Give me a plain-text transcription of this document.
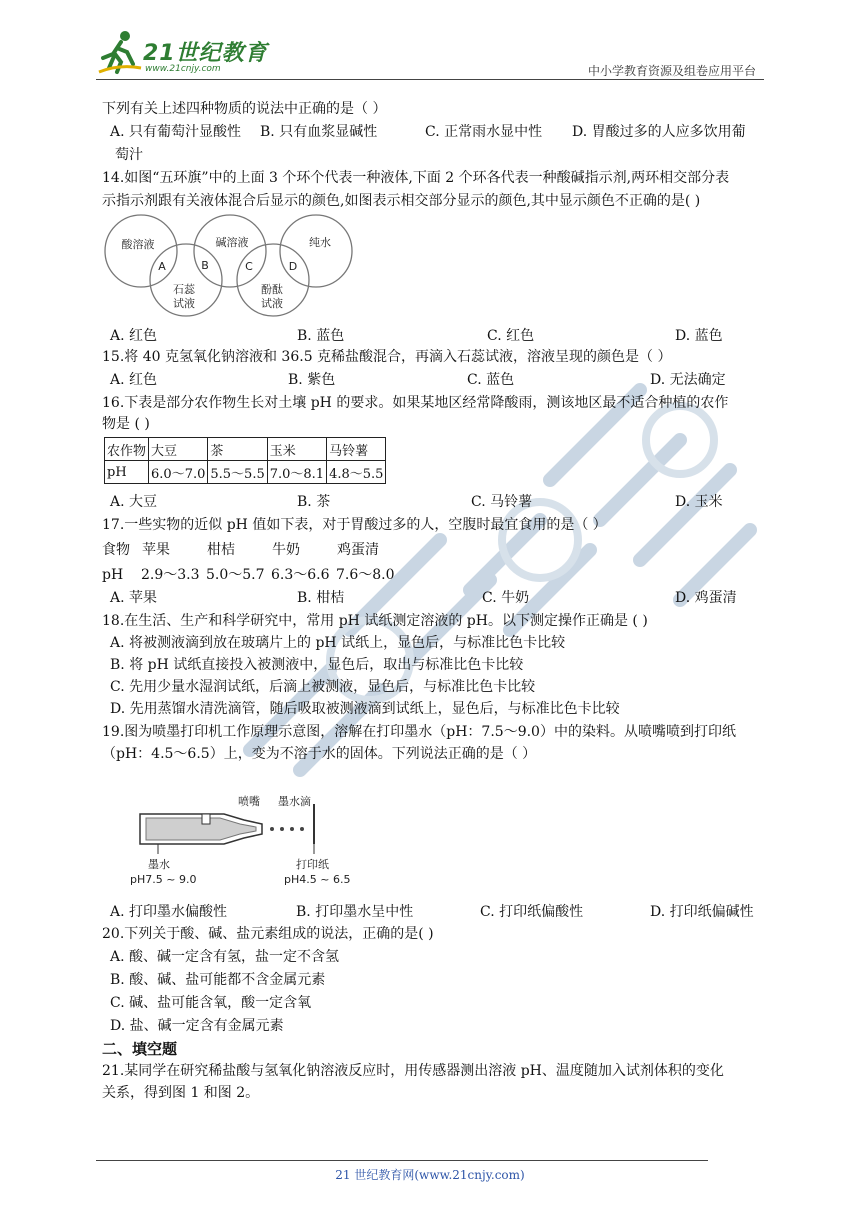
21世纪教育
www.21cnjy.com	中小学教育资源及组卷应用平台
下列有关上述四种物质的说法中正确的是（ ）
A. 只有葡萄汁显酸性 B. 只有血浆显碱性	C. 正常雨水显中性 D. 胃酸过多的人应多饮用葡
萄汁
14.如图“五环旗”中的上面 3 个环个代表一种液体,下面 2 个环各代表一种酸碱指示剂,两环相交部分表
示指示剂跟有关液体混合后显示的颜色,如图表示相交部分显示的颜色,其中显示颜色不正确的是( )
酸溶液	碱溶液	纯水
石蕊
试液
酚酞
试液
A	B	C	D
A. 红色	B. 蓝色	C. 红色	D. 蓝色
15.将 40 克氢氧化钠溶液和 36.5 克稀盐酸混合，再滴入石蕊试液，溶液呈现的颜色是（ ）
A. 红色	B. 紫色	C. 蓝色	D. 无法确定
16.下表是部分农作物生长对土壤 pH 的要求。如果某地区经常降酸雨，测该地区最不适合种植的农作
物是 ( )
农作物	大豆	茶	玉米	马铃薯
pH	6.0～7.0	5.5～5.5	7.0～8.1	4.8～5.5
A. 大豆	B. 茶	C. 马铃薯	D. 玉米
17.一些实物的近似 pH 值如下表，对于胃酸过多的人，空腹时最宜食用的是（ ）
食物 苹果	柑桔	牛奶	鸡蛋清
pH 2.9～3.3 5.0～5.7 6.3～6.6 7.6～8.0
A. 苹果	B. 柑桔	C. 牛奶	D. 鸡蛋清
18.在生活、生产和科学研究中，常用 pH 试纸测定溶液的 pH。以下测定操作正确是 ( )
A. 将被测液滴到放在玻璃片上的 pH 试纸上，显色后，与标准比色卡比较
B. 将 pH 试纸直接投入被测液中，显色后，取出与标准比色卡比较
C. 先用少量水湿润试纸，后滴上被测液，显色后，与标准比色卡比较
D. 先用蒸馏水清洗滴管，随后吸取被测液滴到试纸上，显色后，与标准比色卡比较
19.图为喷墨打印机工作原理示意图，溶解在打印墨水（pH：7.5～9.0）中的染料。从喷嘴喷到打印纸
（pH：4.5～6.5）上，变为不溶于水的固体。下列说法正确的是（ ）
喷嘴 墨水滴
墨水
pH7.5 ~ 9.0
打印纸
pH4.5 ~ 6.5
A. 打印墨水偏酸性	B. 打印墨水呈中性	C. 打印纸偏酸性	D. 打印纸偏碱性
20.下列关于酸、碱、盐元素组成的说法，正确的是( )
A. 酸、碱一定含有氢，盐一定不含氢
B. 酸、碱、盐可能都不含金属元素
C. 碱、盐可能含氧，酸一定含氧
D. 盐、碱一定含有金属元素
二、填空题
21.某同学在研究稀盐酸与氢氧化钠溶液反应时，用传感器测出溶液 pH、温度随加入试剂体积的变化
关系，得到图 1 和图 2。
21 世纪教育网(www.21cnjy.com)
